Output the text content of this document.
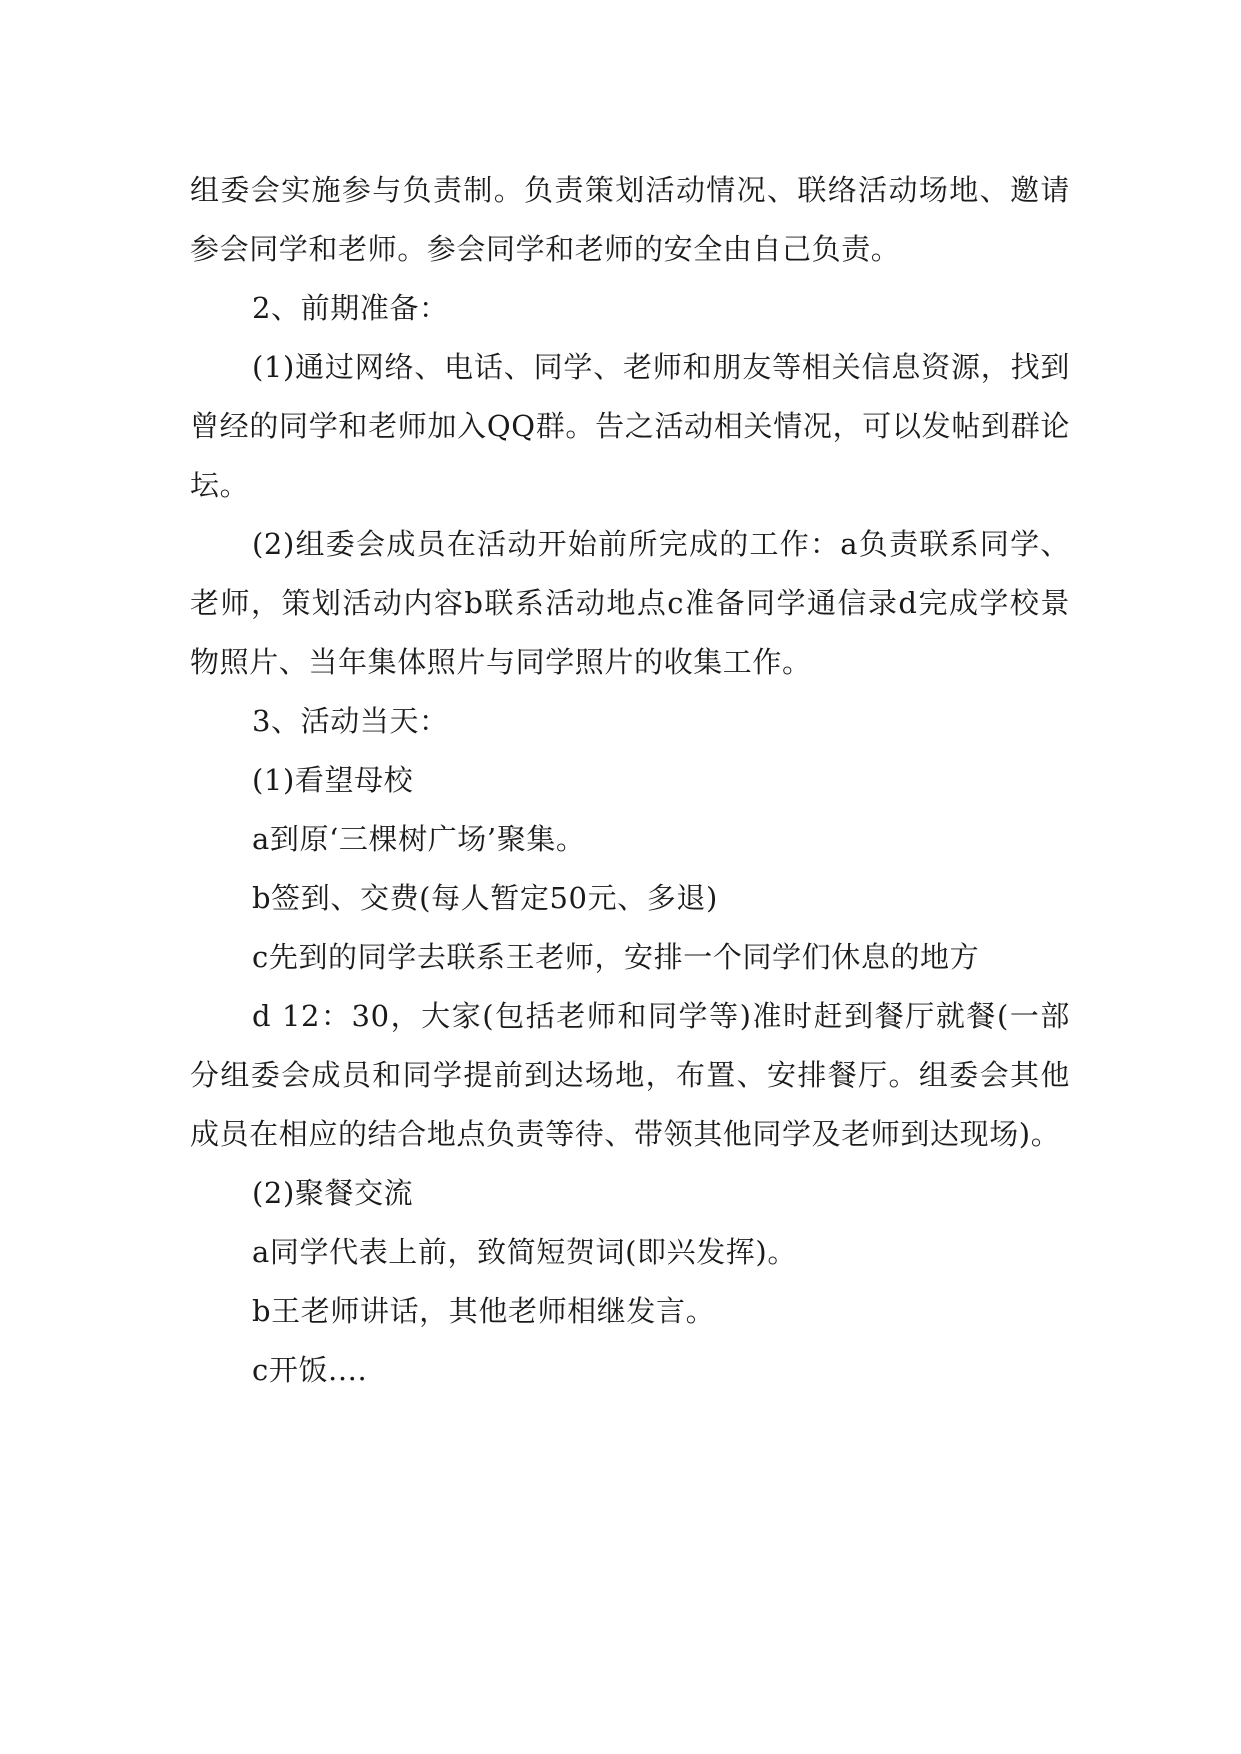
组委会实施参与负责制。负责策划活动情况、联络活动场地、邀请参会同学和老师。参会同学和老师的安全由自己负责。

2、前期准备：

(1)通过网络、电话、同学、老师和朋友等相关信息资源，找到曾经的同学和老师加入QQ群。告之活动相关情况，可以发帖到群论坛。

(2)组委会成员在活动开始前所完成的工作：a负责联系同学、老师，策划活动内容b联系活动地点c准备同学通信录d完成学校景物照片、当年集体照片与同学照片的收集工作。

3、活动当天：

(1)看望母校

a到原‘三棵树广场’聚集。

b签到、交费(每人暂定50元、多退)

c先到的同学去联系王老师，安排一个同学们休息的地方

d 12：30，大家(包括老师和同学等)准时赶到餐厅就餐(一部分组委会成员和同学提前到达场地，布置、安排餐厅。组委会其他成员在相应的结合地点负责等待、带领其他同学及老师到达现场)。

(2)聚餐交流

a同学代表上前，致简短贺词(即兴发挥)。

b王老师讲话，其他老师相继发言。

c开饭....
